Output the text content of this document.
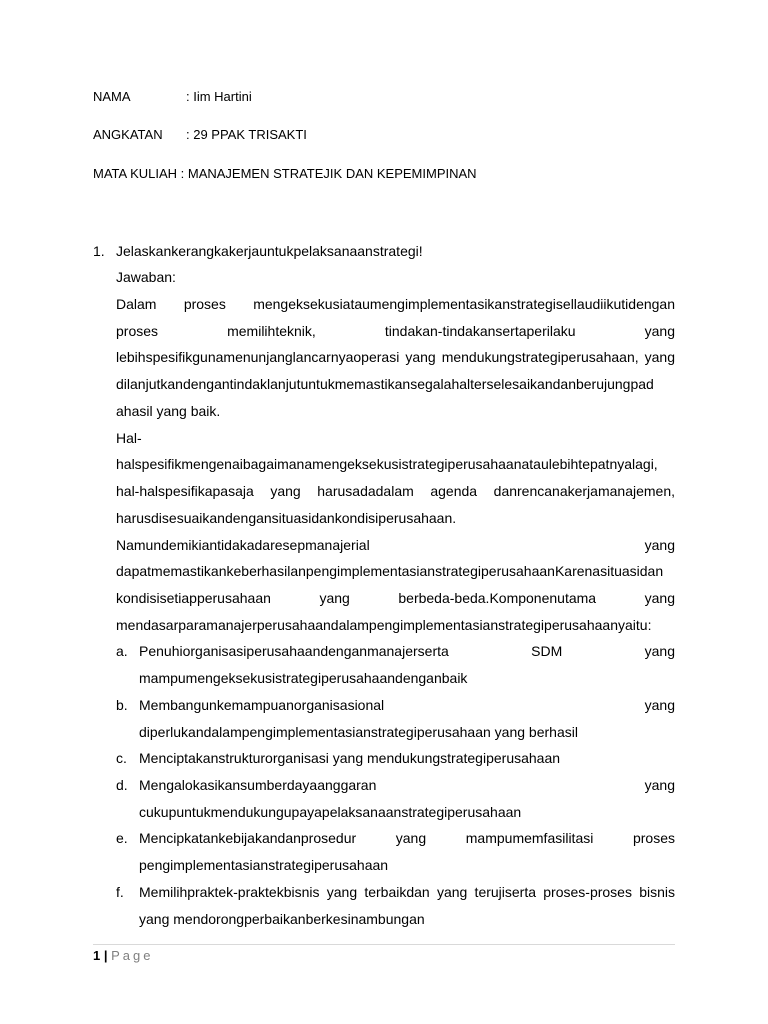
NAMA	: Iim Hartini
ANGKATAN : 29 PPAK TRISAKTI
MATA KULIAH : MANAJEMEN STRATEJIK DAN KEPEMIMPINAN
1. Jelaskankerangkakerjauntukpelaksanaanstrategi!
Jawaban:
Dalam proses mengeksekusiataumengimplementasikanstrategisellaudiikutidengan
proses memilihteknik, tindakan-tindakansertaperilaku yang
lebihspesifikgunamenunjanglancarnyaoperasi yang mendukungstrategiperusahaan, yang
dilanjutkandengantindaklanjutuntukmemastikansegalahalterselesaikandanberujungpad
ahasil yang baik.
Hal-
halspesifikmengenaibagaimanamengeksekusistrategiperusahaanataulebihtepatnyalagi,
hal-halspesifikapasaja yang harusadadalam agenda danrencanakerjamanajemen,
harusdisesuaikandengansituasidankondisiperusahaan.
Namundemikiantidakadaresepmanajerial yang
dapatmemastikankeberhasilanpengimplementasianstrategiperusahaanKarenasituasidan
kondisisetiapperusahaan yang berbeda-beda.Komponenutama yang
mendasarparamanajerperusahaandalampengimplementasianstrategiperusahaanyaitu:
a. Penuhiorganisasiperusahaandenganmanajerserta SDM yang
mampumengeksekusistrategiperusahaandenganbaik
b. Membangunkemampuanorganisasional yang
diperlukandalampengimplementasianstrategiperusahaan yang berhasil
c. Menciptakanstrukturorganisasi yang mendukungstrategiperusahaan
d. Mengalokasikansumberdayaanggaran yang
cukupuntukmendukungupayapelaksanaanstrategiperusahaan
e. Mencipkatankebijakandanprosedur yang mampumemfasilitasi proses
pengimplementasianstrategiperusahaan
f. Memilihpraktek-praktekbisnis yang terbaikdan yang terujiserta proses-proses bisnis
yang mendorongperbaikanberkesinambungan
1 | Page
